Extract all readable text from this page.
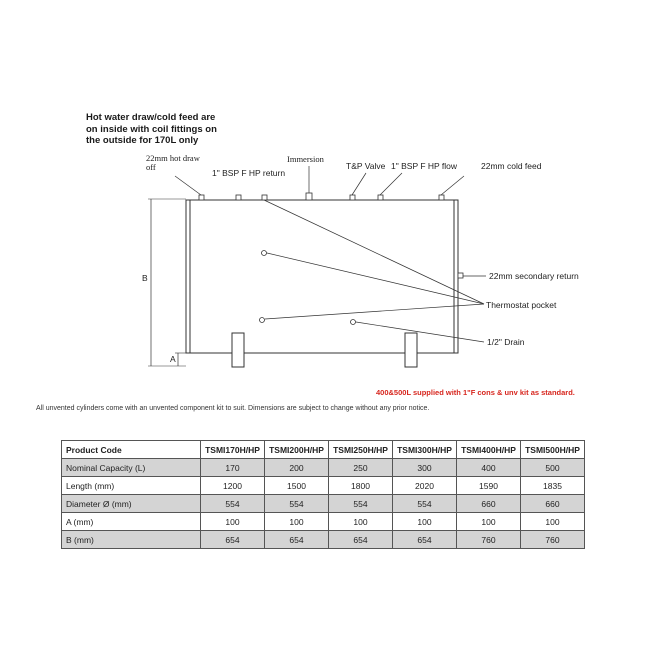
Hot water draw/cold feed are
on inside with coil fittings on
the outside for 170L only
22mm hot draw
off
1" BSP F HP return
Immersion
T&P Valve 1" BSP F HP flow	22mm cold feed
22mm secondary return
Thermostat pocket
1/2" Drain
B
A
400&500L supplied with 1"F cons & unv kit as standard.
All unvented cylinders come with an unvented component kit to suit. Dimensions are subject to change without any prior notice.
Product Code	TSMI170H/HP	TSMI200H/HP	TSMI250H/HP	TSMI300H/HP	TSMI400H/HP	TSMI500H/HP
Nominal Capacity (L)	170	200	250	300	400	500
Length (mm)	1200	1500	1800	2020	1590	1835
Diameter Ø (mm)	554	554	554	554	660	660
A (mm)	100	100	100	100	100	100
B (mm)	654	654	654	654	760	760
